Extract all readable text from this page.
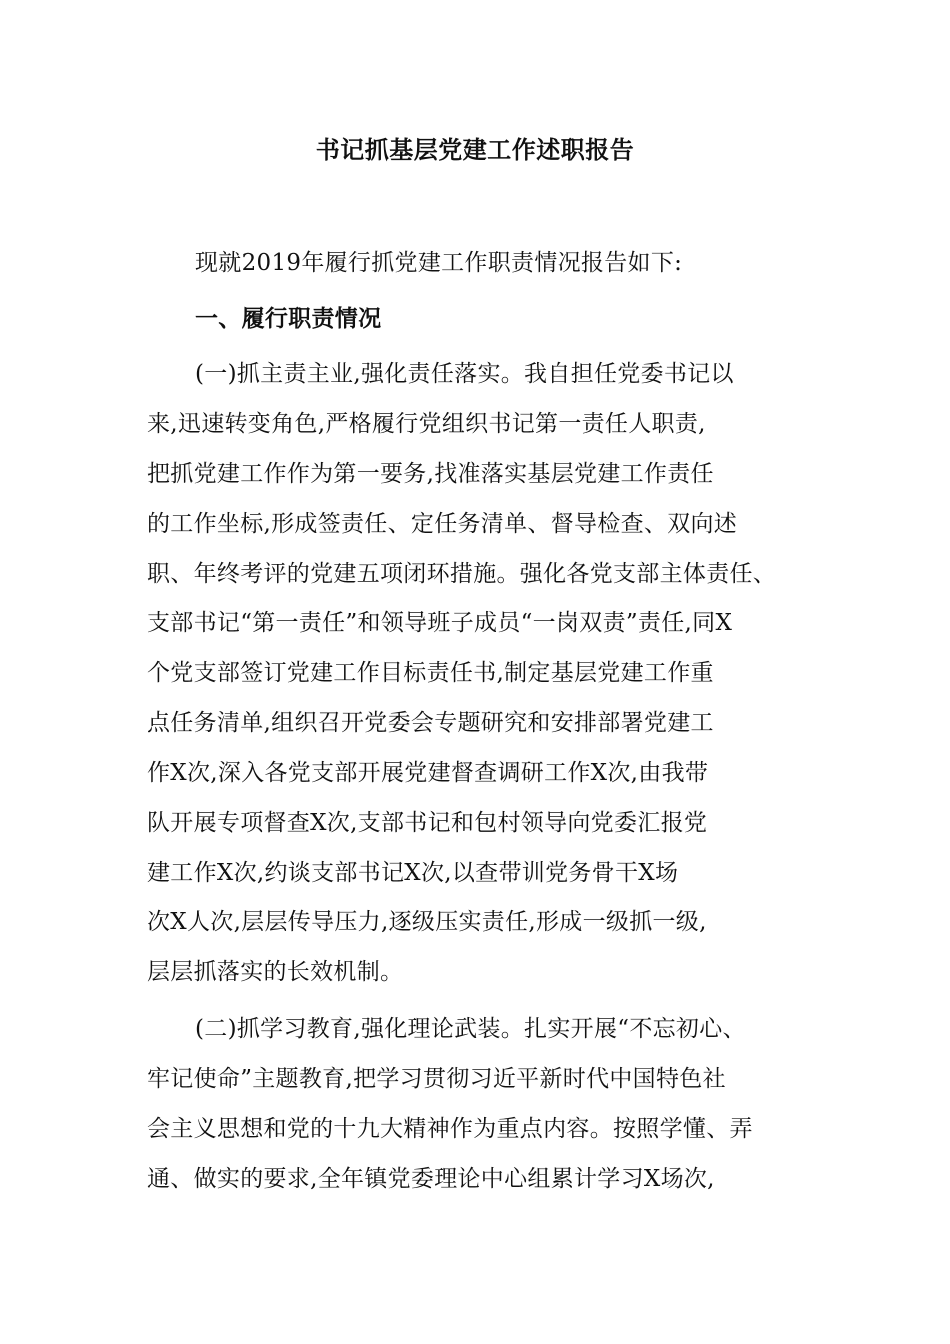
书记抓基层党建工作述职报告
现就2019年履行抓党建工作职责情况报告如下:
一、履行职责情况
(一)抓主责主业,强化责任落实。我自担任党委书记以
来,迅速转变角色,严格履行党组织书记第一责任人职责,
把抓党建工作作为第一要务,找准落实基层党建工作责任
的工作坐标,形成签责任、定任务清单、督导检查、双向述
职、年终考评的党建五项闭环措施。强化各党支部主体责任、
支部书记“第一责任”和领导班子成员“一岗双责”责任,同X
个党支部签订党建工作目标责任书,制定基层党建工作重
点任务清单,组织召开党委会专题研究和安排部署党建工
作X次,深入各党支部开展党建督查调研工作X次,由我带
队开展专项督查X次,支部书记和包村领导向党委汇报党
建工作X次,约谈支部书记X次,以查带训党务骨干X场
次X人次,层层传导压力,逐级压实责任,形成一级抓一级,
层层抓落实的长效机制。
(二)抓学习教育,强化理论武装。扎实开展“不忘初心、
牢记使命”主题教育,把学习贯彻习近平新时代中国特色社
会主义思想和党的十九大精神作为重点内容。按照学懂、弄
通、做实的要求,全年镇党委理论中心组累计学习X场次,
